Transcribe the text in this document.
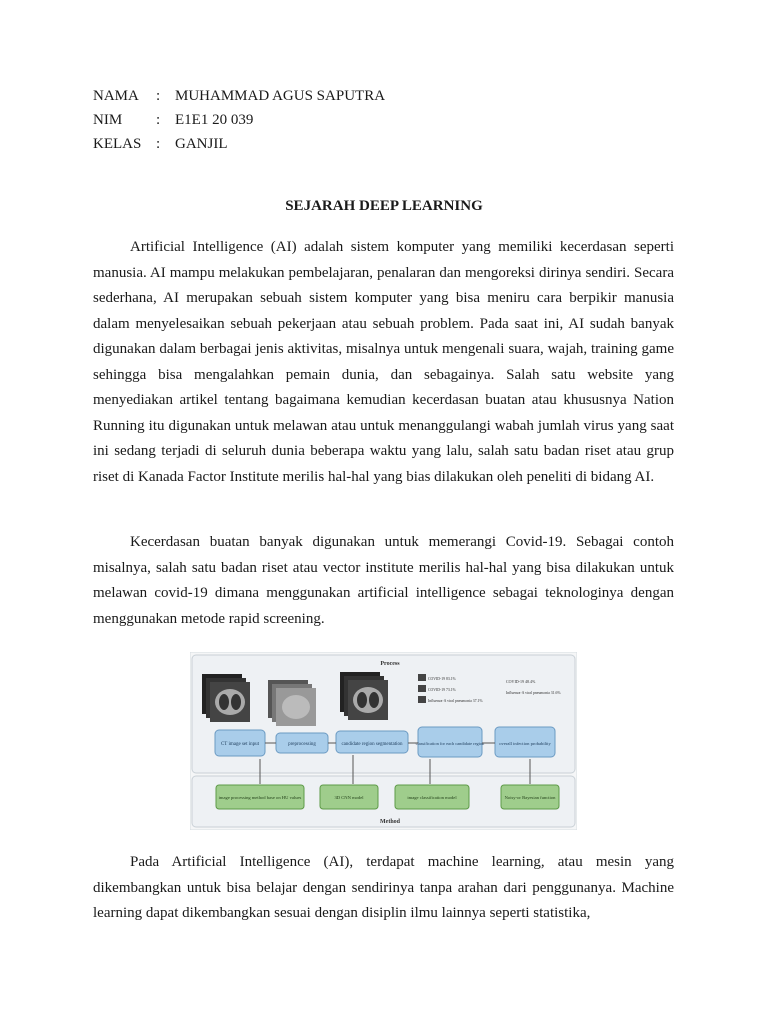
NAMA	: MUHAMMAD AGUS SAPUTRA
NIM	: E1E1 20 039
KELAS : GANJIL
SEJARAH DEEP LEARNING

Artificial Intelligence (AI) adalah sistem komputer yang memiliki kecerdasan seperti manusia. AI mampu melakukan pembelajaran, penalaran dan mengoreksi dirinya sendiri. Secara sederhana, AI merupakan sebuah sistem komputer yang bisa meniru cara berpikir manusia dalam menyelesaikan sebuah pekerjaan atau sebuah problem. Pada saat ini, AI sudah banyak digunakan dalam berbagai jenis aktivitas, misalnya untuk mengenali suara, wajah, training game sehingga bisa mengalahkan pemain dunia, dan sebagainya. Salah satu website yang menyediakan artikel tentang bagaimana kemudian kecerdasan buatan atau khususnya Nation Running itu digunakan untuk melawan atau untuk menanggulangi wabah jumlah virus yang saat ini sedang terjadi di seluruh dunia beberapa waktu yang lalu, salah satu badan riset atau grup riset di Kanada Factor Institute merilis hal-hal yang bias dilakukan oleh peneliti di bidang AI.

Kecerdasan buatan banyak digunakan untuk memerangi Covid-19. Sebagai contoh misalnya, salah satu badan riset atau vector institute merilis hal-hal yang bisa dilakukan untuk melawan covid-19 dimana menggunakan artificial intelligence sebagai teknologinya dengan menggunakan metode rapid screening.

Process
Method
COVID-19 83.1%
COVID-19 73.1%
Influenza-A viral pneumonia 37.1%
COVID-19 48.4%
Influenza-A viral pneumonia 31.6%
CT image set input	preprocessing	candidate region segmentation	classification for each candidate region	overall infection probability
image processing method base on HU values	3D CNN model	image classification model	Noisy-or Bayesian function

Pada Artificial Intelligence (AI), terdapat machine learning, atau mesin yang dikembangkan untuk bisa belajar dengan sendirinya tanpa arahan dari penggunanya. Machine learning dapat dikembangkan sesuai dengan disiplin ilmu lainnya seperti statistika,
